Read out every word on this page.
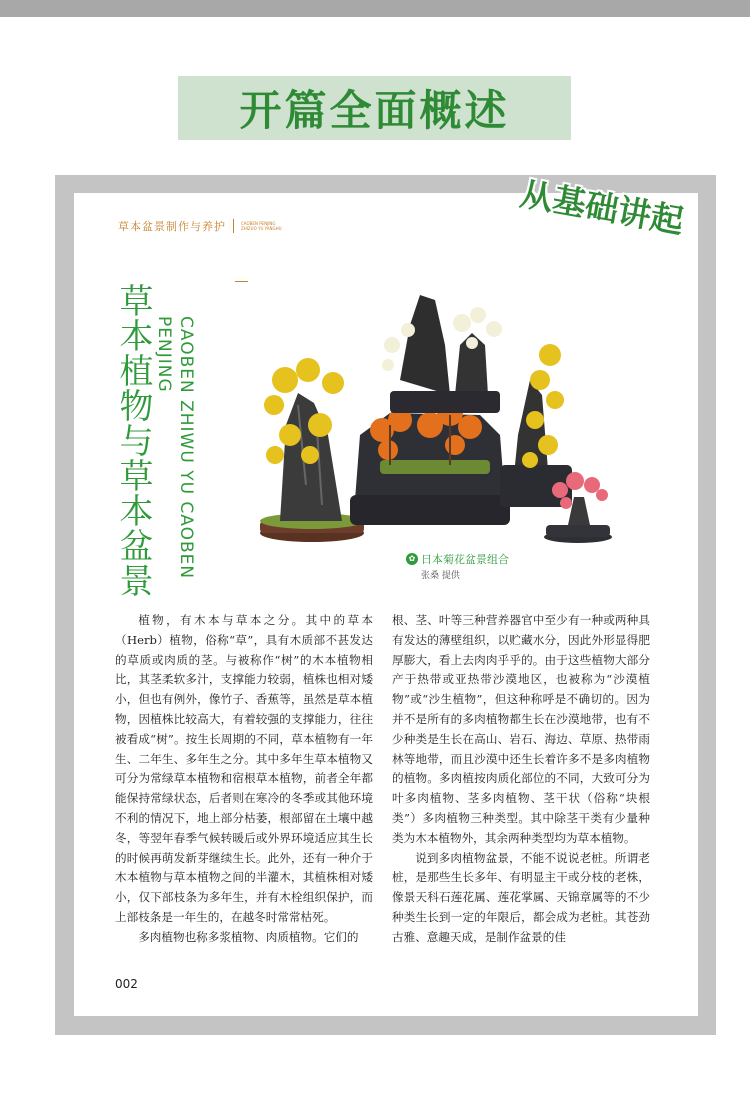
开篇全面概述
从基础讲起
草本盆景制作与养护	CAOBEN PENJING
ZHIZUO YU YANGHU
草本植物与草本盆景 CAOBEN ZHIWU YU CAOBEN
PENJING
✿ 日本菊花盆景组合
张桑 提供

植物，有木本与草本之分。其中的草本（Herb）植物，俗称“草”，具有木质部不甚发达的草质或肉质的茎。与被称作“树”的木本植物相比，其茎柔软多汁，支撑能力较弱，植株也相对矮小，但也有例外，像竹子、香蕉等，虽然是草本植物，因植株比较高大，有着较强的支撑能力，往往被看成“树”。按生长周期的不同，草本植物有一年生、二年生、多年生之分。其中多年生草本植物又可分为常绿草本植物和宿根草本植物，前者全年都能保持常绿状态，后者则在寒冷的冬季或其他环境不利的情况下，地上部分枯萎，根部留在土壤中越冬，等翌年春季气候转暖后或外界环境适应其生长的时候再萌发新芽继续生长。此外，还有一种介于木本植物与草本植物之间的半灌木，其植株相对矮小，仅下部枝条为多年生，并有木栓组织保护，而上部枝条是一年生的，在越冬时常常枯死。

多肉植物也称多浆植物、肉质植物。它们的

根、茎、叶等三种营养器官中至少有一种或两种具有发达的薄壁组织，以贮藏水分，因此外形显得肥厚膨大，看上去肉肉乎乎的。由于这些植物大部分产于热带或亚热带沙漠地区，也被称为“沙漠植物”或“沙生植物”，但这种称呼是不确切的。因为并不是所有的多肉植物都生长在沙漠地带，也有不少种类是生长在高山、岩石、海边、草原、热带雨林等地带，而且沙漠中还生长着许多不是多肉植物的植物。多肉植按肉质化部位的不同，大致可分为叶多肉植物、茎多肉植物、茎干状（俗称“块根类”）多肉植物三种类型。其中除茎干类有少量种类为木本植物外，其余两种类型均为草本植物。

说到多肉植物盆景，不能不说说老桩。所谓老桩，是那些生长多年、有明显主干或分枝的老株，像景天科石莲花属、莲花掌属、天锦章属等的不少种类生长到一定的年限后，都会成为老桩。其苍劲古雅、意趣天成，是制作盆景的佳

002
